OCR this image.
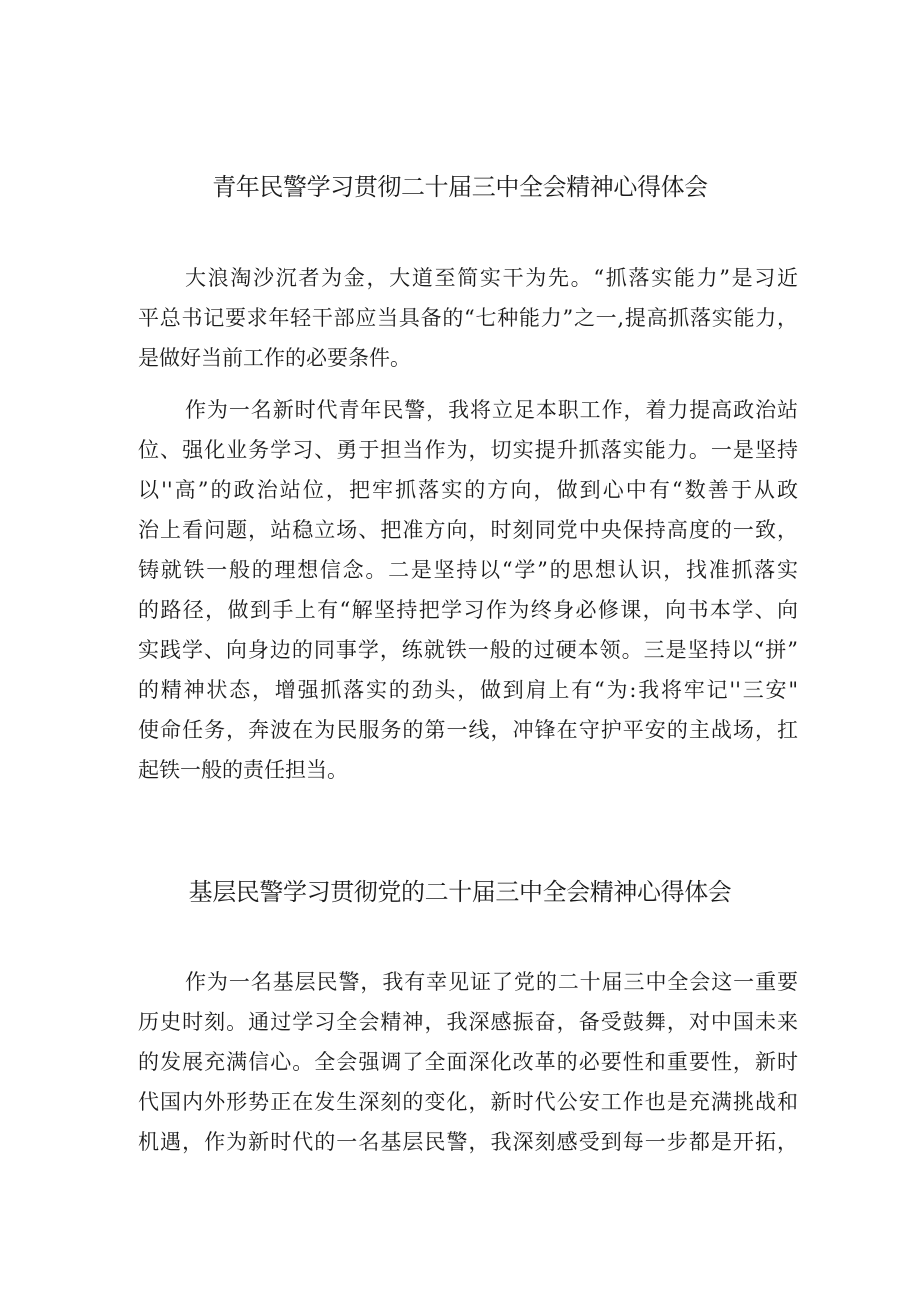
青年民警学习贯彻二十届三中全会精神心得体会
大浪淘沙沉者为金，大道至简实干为先。“抓落实能力”是习近
平总书记要求年轻干部应当具备的“七种能力”之一,提高抓落实能力，
是做好当前工作的必要条件。
作为一名新时代青年民警，我将立足本职工作，着力提高政治站
位、强化业务学习、勇于担当作为，切实提升抓落实能力。一是坚持
以''高”的政治站位，把牢抓落实的方向，做到心中有“数善于从政
治上看问题，站稳立场、把准方向，时刻同党中央保持高度的一致，
铸就铁一般的理想信念。二是坚持以“学”的思想认识，找准抓落实
的路径，做到手上有“解坚持把学习作为终身必修课，向书本学、向
实践学、向身边的同事学，练就铁一般的过硬本领。三是坚持以“拼”
的精神状态，增强抓落实的劲头，做到肩上有“为:我将牢记''三安"
使命任务，奔波在为民服务的第一线，冲锋在守护平安的主战场，扛
起铁一般的责任担当。
基层民警学习贯彻党的二十届三中全会精神心得体会
作为一名基层民警，我有幸见证了党的二十届三中全会这一重要
历史时刻。通过学习全会精神，我深感振奋，备受鼓舞，对中国未来
的发展充满信心。全会强调了全面深化改革的必要性和重要性，新时
代国内外形势正在发生深刻的变化，新时代公安工作也是充满挑战和
机遇，作为新时代的一名基层民警，我深刻感受到每一步都是开拓，
